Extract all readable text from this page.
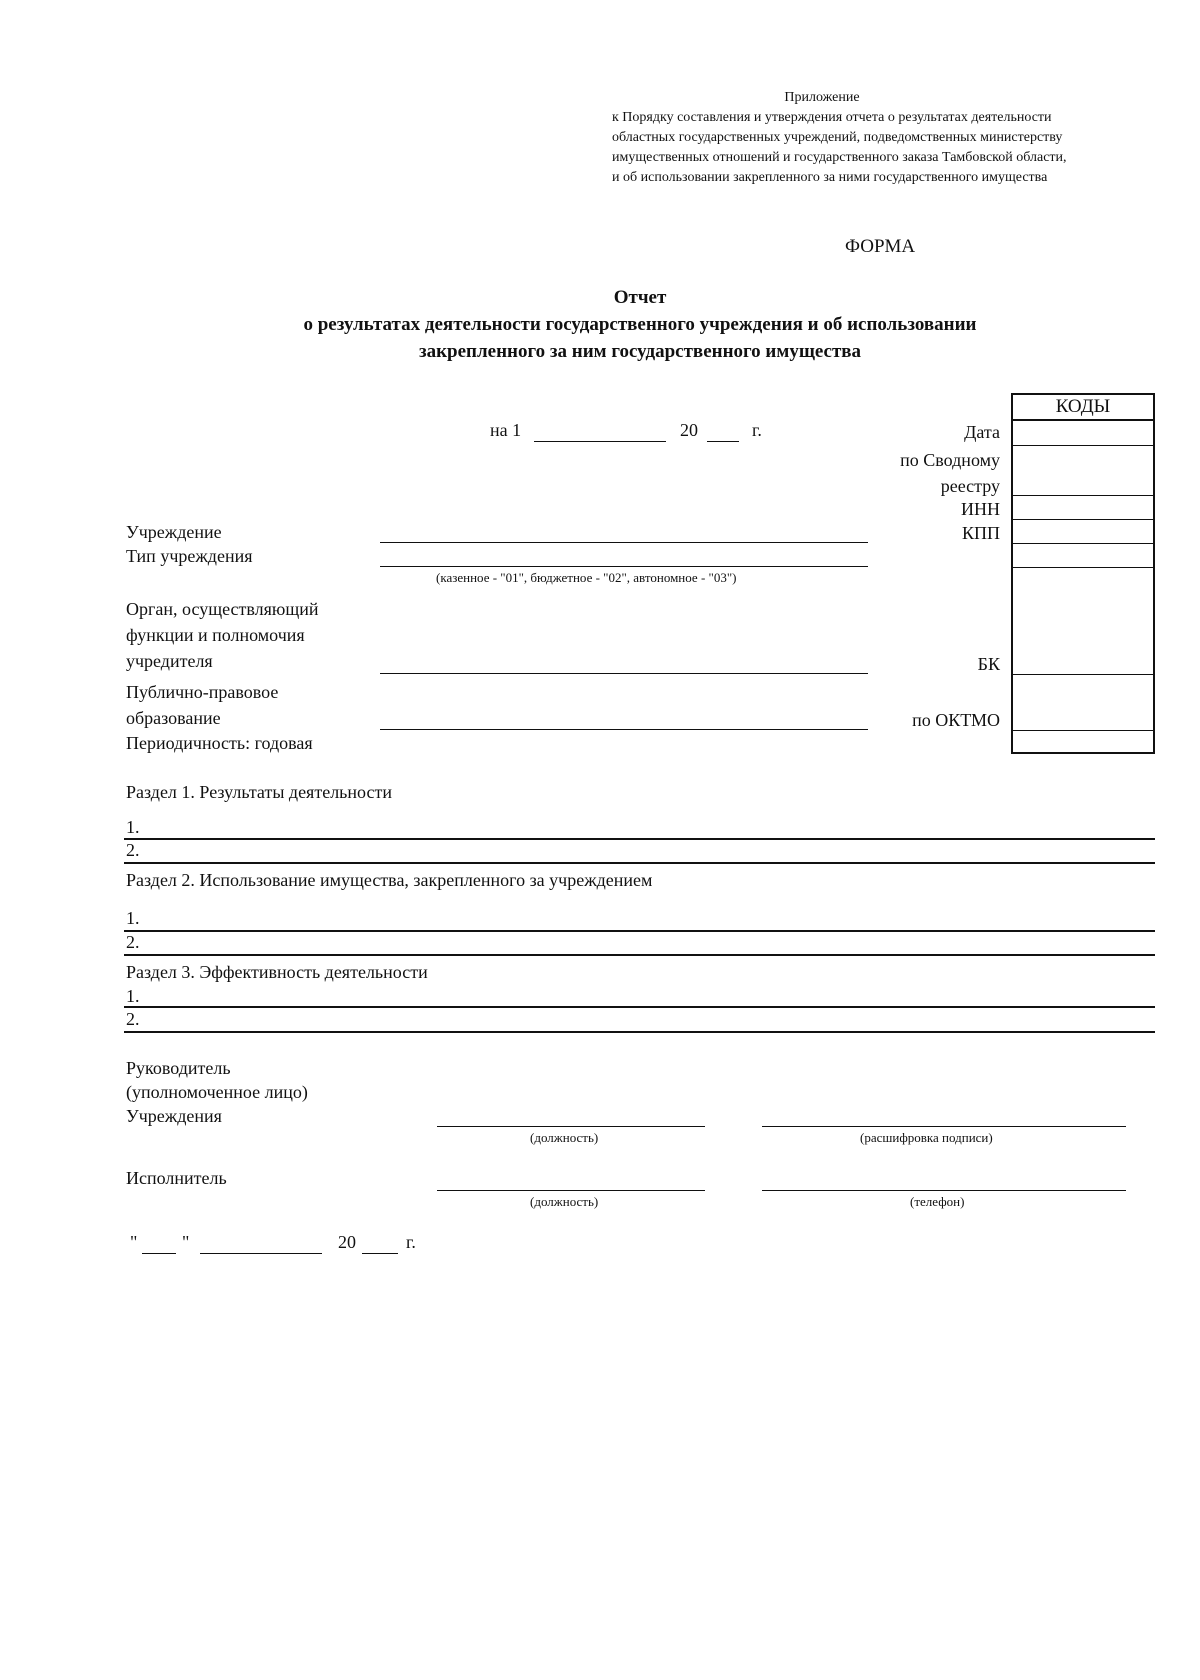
Приложение
к Порядку составления и утверждения отчета о результатах деятельности
областных государственных учреждений, подведомственных министерству
имущественных отношений и государственного заказа Тамбовской области,
и об использовании закрепленного за ними государственного имущества
ФОРМА
Отчет
о результатах деятельности государственного учреждения и об использовании
закрепленного за ним государственного имущества
на 1	20	г.	Дата
по Сводному
реестру
ИНН
КПП
БК
по ОКТМО
КОДЫ
Учреждение
Тип учреждения
(казенное - "01", бюджетное - "02", автономное - "03")
Орган, осуществляющий
функции и полномочия
учредителя
Публично-правовое
образование
Периодичность: годовая
Раздел 1. Результаты деятельности
1.
2.
Раздел 2. Использование имущества, закрепленного за учреждением
1.
2.
Раздел 3. Эффективность деятельности
1.
2.
Руководитель
(уполномоченное лицо)
Учреждения
(должность)	(расшифровка подписи)
Исполнитель
(должность)	(телефон)
" "	20	г.
